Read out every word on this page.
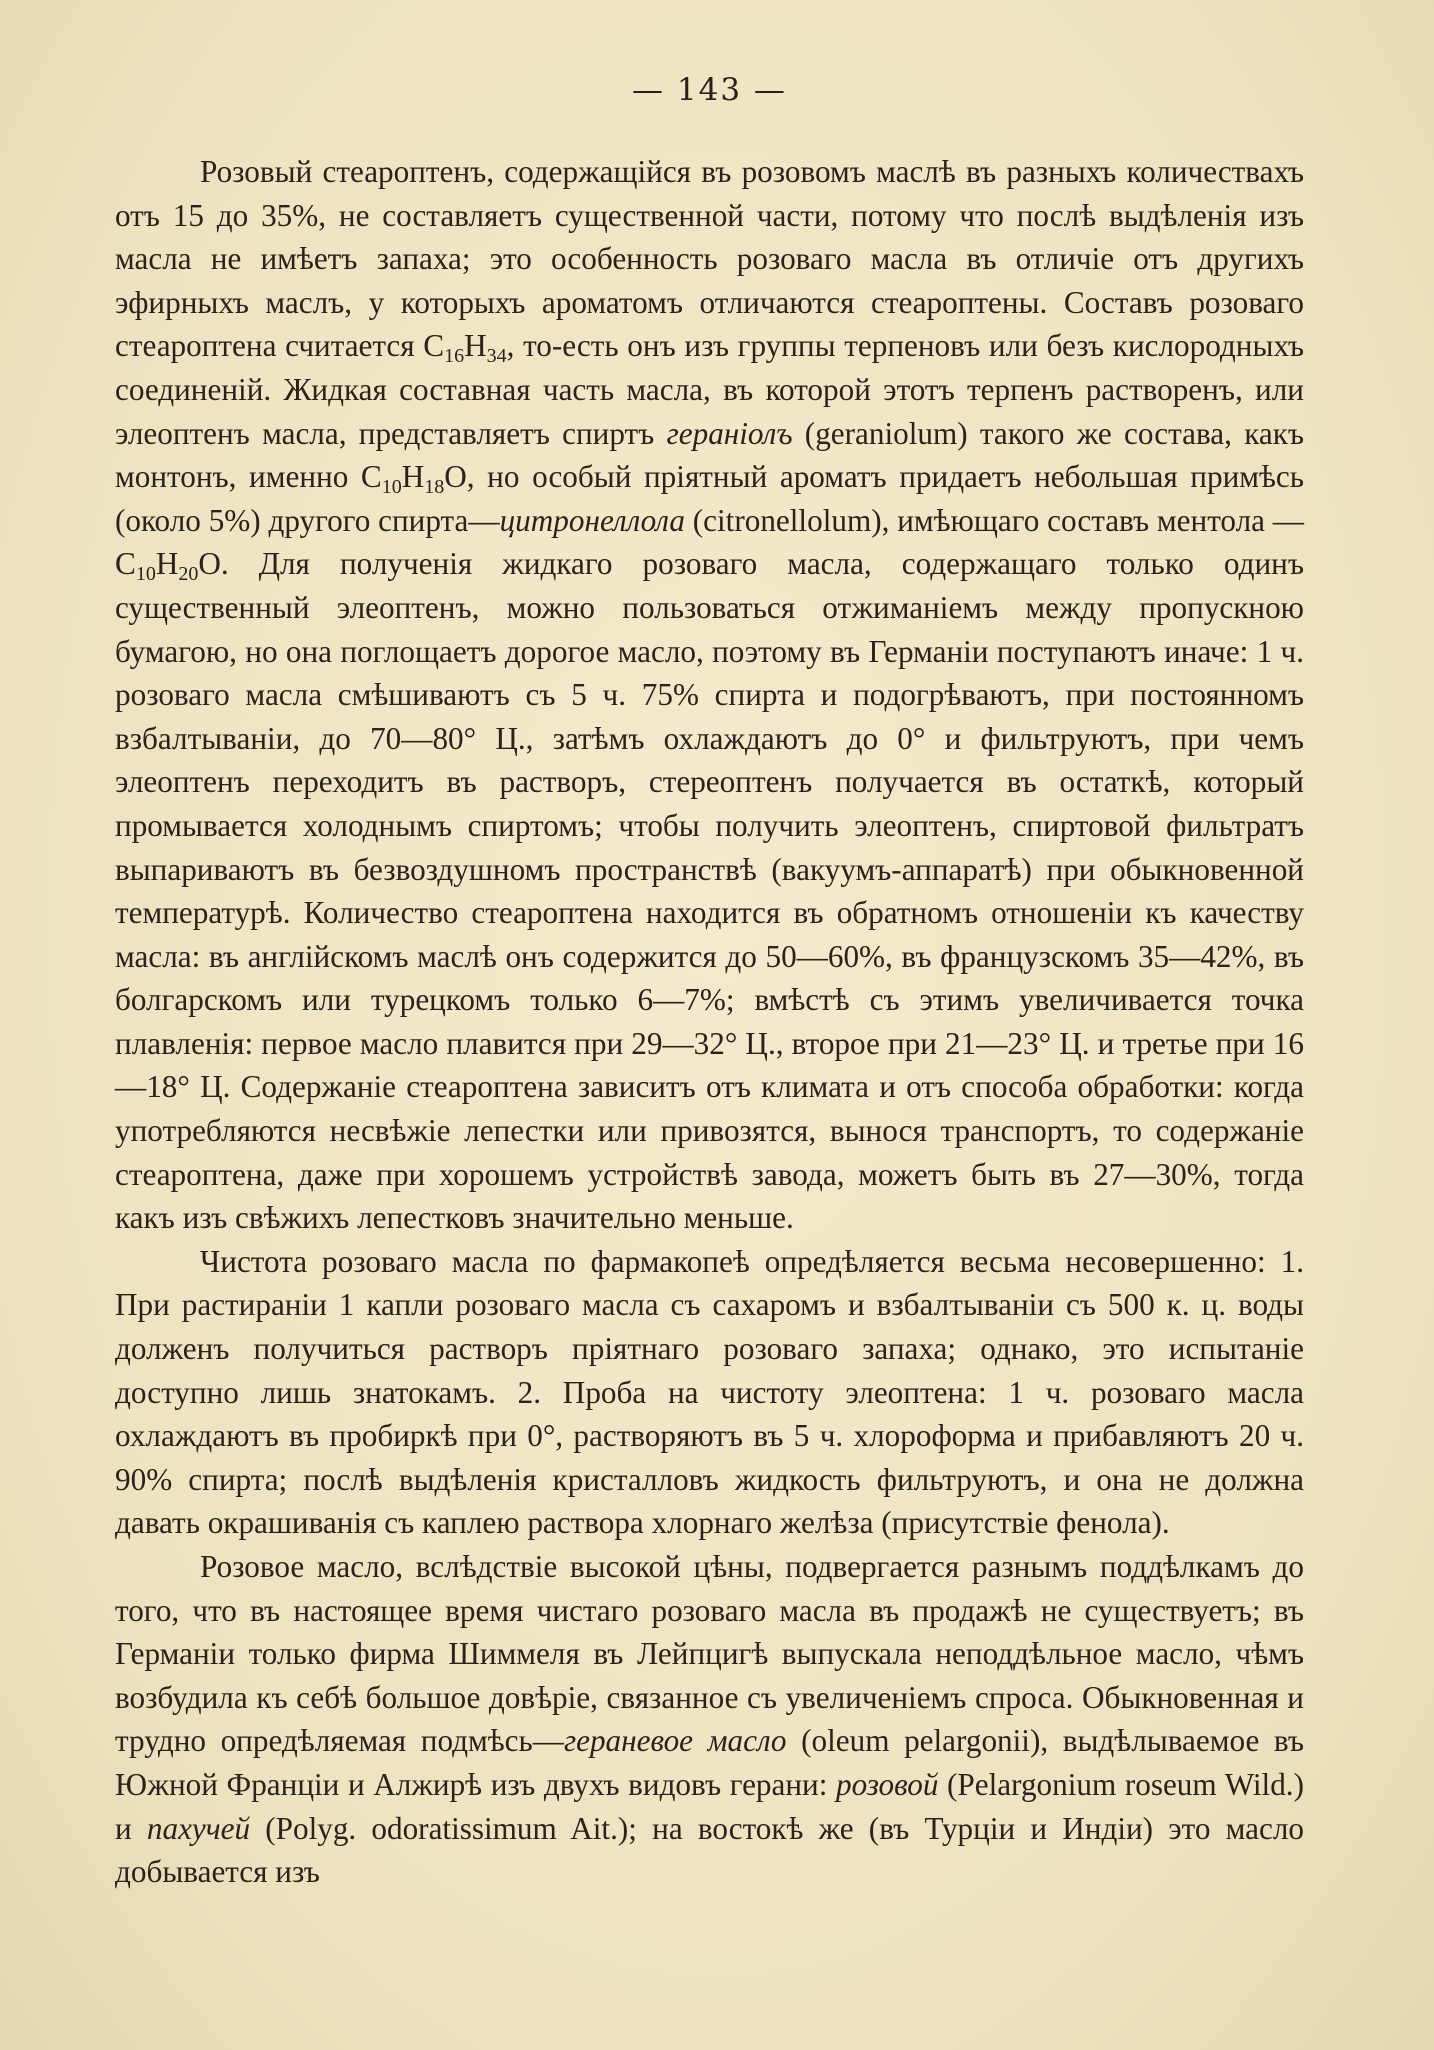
— 143 —

Розовый стеароптенъ, содержащійся въ розовомъ маслѣ въ разныхъ количествахъ отъ 15 до 35%, не составляетъ существенной части, потому что послѣ выдѣленія изъ масла не имѣетъ запаха; это особенность розоваго масла въ отличіе отъ другихъ эфирныхъ маслъ, у которыхъ ароматомъ отличаются стеароптены. Составъ розоваго стеароптена считается $C_{16}H_{34}$, то-есть онъ изъ группы терпеновъ или безъ кислородныхъ соединеній. Жидкая составная часть масла, въ которой этотъ терпенъ растворенъ, или элеоптенъ масла, представляетъ спиртъ гераніолъ (geraniolum) такого же состава, какъ монтонъ, именно $C_{10}H_{18}O$, но особый пріятный ароматъ придаетъ небольшая примѣсь (около 5%) другого спирта—цитронеллола (citronellolum), имѣющаго составъ ментола — $C_{10}H_{20}O$. Для полученія жидкаго розоваго масла, содержащаго только одинъ существенный элеоптенъ, можно пользоваться отжиманіемъ между пропускною бумагою, но она поглощаетъ дорогое масло, поэтому въ Германіи поступаютъ иначе: 1 ч. розоваго масла смѣшиваютъ съ 5 ч. 75% спирта и подогрѣваютъ, при постоянномъ взбалтываніи, до 70—80° Ц., затѣмъ охлаждаютъ до 0° и фильтруютъ, при чемъ элеоптенъ переходитъ въ растворъ, стереоптенъ получается въ остаткѣ, который промывается холоднымъ спиртомъ; чтобы получить элеоптенъ, спиртовой фильтратъ выпариваютъ въ безвоздушномъ пространствѣ (вакуумъ-аппаратѣ) при обыкновенной температурѣ. Количество стеароптена находится въ обратномъ отношеніи къ качеству масла: въ англійскомъ маслѣ онъ содержится до 50—60%, въ французскомъ 35—42%, въ болгарскомъ или турецкомъ только 6—7%; вмѣстѣ съ этимъ увеличивается точка плавленія: первое масло плавится при 29—32° Ц., второе при 21—23° Ц. и третье при 16—18° Ц. Содержаніе стеароптена зависитъ отъ климата и отъ способа обработки: когда употребляются несвѣжіе лепестки или привозятся, вынося транспортъ, то содержаніе стеароптена, даже при хорошемъ устройствѣ завода, можетъ быть въ 27—30%, тогда какъ изъ свѣжихъ лепестковъ значительно меньше.

Чистота розоваго масла по фармакопеѣ опредѣляется весьма несовершенно: 1. При растираніи 1 капли розоваго масла съ сахаромъ и взбалтываніи съ 500 к. ц. воды долженъ получиться растворъ пріятнаго розоваго запаха; однако, это испытаніе доступно лишь знатокамъ. 2. Проба на чистоту элеоптена: 1 ч. розоваго масла охлаждаютъ въ пробиркѣ при 0°, растворяютъ въ 5 ч. хлороформа и прибавляютъ 20 ч. 90% спирта; послѣ выдѣленія кристалловъ жидкость фильтруютъ, и она не должна давать окрашиванія съ каплею раствора хлорнаго желѣза (присутствіе фенола).

Розовое масло, вслѣдствіе высокой цѣны, подвергается разнымъ поддѣлкамъ до того, что въ настоящее время чистаго розоваго масла въ продажѣ не существуетъ; въ Германіи только фирма Шиммеля въ Лейпцигѣ выпускала неподдѣльное масло, чѣмъ возбудила къ себѣ большое довѣріе, связанное съ увеличеніемъ спроса. Обыкновенная и трудно опредѣляемая подмѣсь—гераневое масло (oleum pelargonii), выдѣлываемое въ Южной Франціи и Алжирѣ изъ двухъ видовъ герани: розовой (Pelargonium roseum Wild.) и пахучей (Polyg. odoratissimum Ait.); на востокѣ же (въ Турціи и Индіи) это масло добывается изъ
